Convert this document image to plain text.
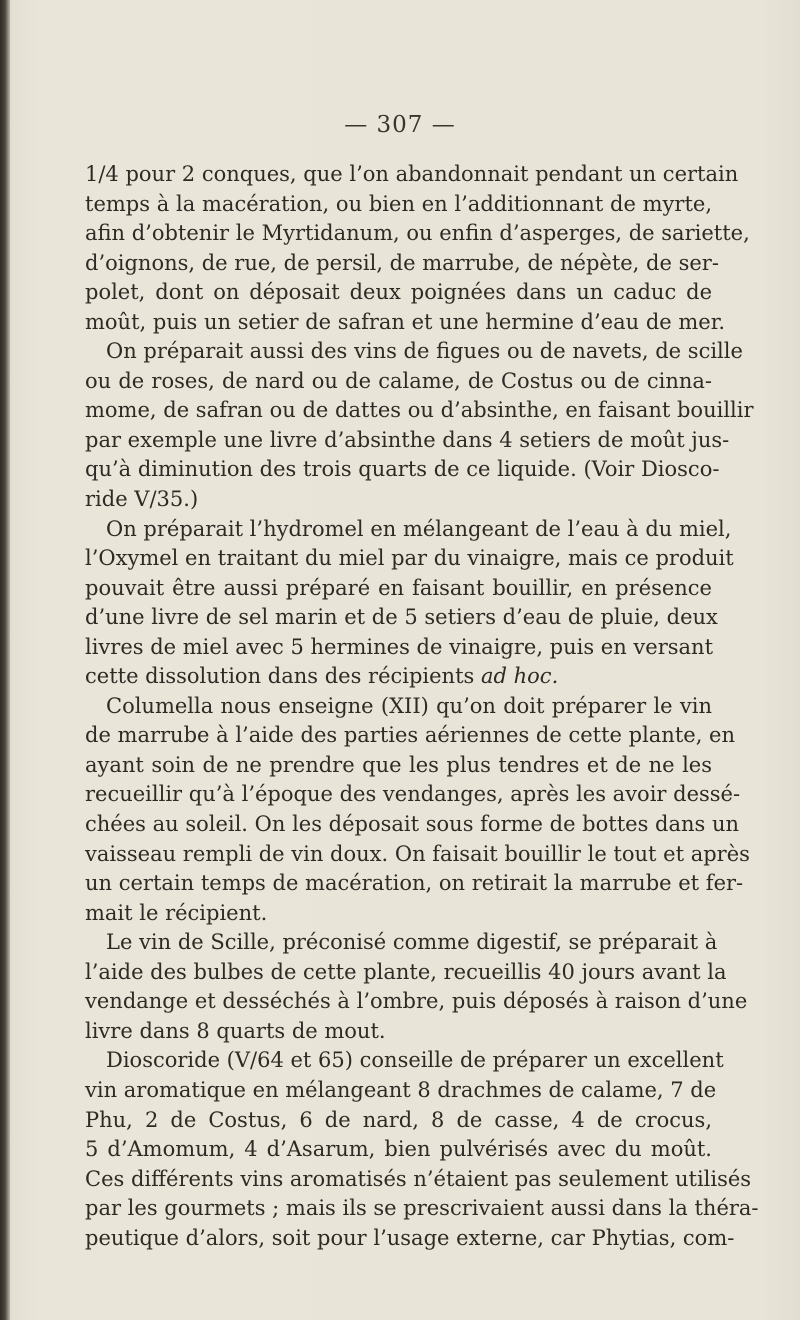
— 307 —
1/4 pour 2 conques, que l’on abandonnait pendant un certain
temps à la macération, ou bien en l’additionnant de myrte,
afin d’obtenir le Myrtidanum, ou enfin d’asperges, de sariette,
d’oignons, de rue, de persil, de marrube, de népète, de ser-
polet, dont on déposait deux poignées dans un caduc de
moût, puis un setier de safran et une hermine d’eau de mer.
On préparait aussi des vins de figues ou de navets, de scille
ou de roses, de nard ou de calame, de Costus ou de cinna-
mome, de safran ou de dattes ou d’absinthe, en faisant bouillir
par exemple une livre d’absinthe dans 4 setiers de moût jus-
qu’à diminution des trois quarts de ce liquide. (Voir Diosco-
ride V/35.)
On préparait l’hydromel en mélangeant de l’eau à du miel,
l’Oxymel en traitant du miel par du vinaigre, mais ce produit
pouvait être aussi préparé en faisant bouillir, en présence
d’une livre de sel marin et de 5 setiers d’eau de pluie, deux
livres de miel avec 5 hermines de vinaigre, puis en versant
cette dissolution dans des récipients ad hoc.
Columella nous enseigne (XII) qu’on doit préparer le vin
de marrube à l’aide des parties aériennes de cette plante, en
ayant soin de ne prendre que les plus tendres et de ne les
recueillir qu’à l’époque des vendanges, après les avoir dessé-
chées au soleil. On les déposait sous forme de bottes dans un
vaisseau rempli de vin doux. On faisait bouillir le tout et après
un certain temps de macération, on retirait la marrube et fer-
mait le récipient.
Le vin de Scille, préconisé comme digestif, se préparait à
l’aide des bulbes de cette plante, recueillis 40 jours avant la
vendange et desséchés à l’ombre, puis déposés à raison d’une
livre dans 8 quarts de mout.
Dioscoride (V/64 et 65) conseille de préparer un excellent
vin aromatique en mélangeant 8 drachmes de calame, 7 de
Phu, 2 de Costus, 6 de nard, 8 de casse, 4 de crocus,
5 d’Amomum, 4 d’Asarum, bien pulvérisés avec du moût.
Ces différents vins aromatisés n’étaient pas seulement utilisés
par les gourmets ; mais ils se prescrivaient aussi dans la théra-
peutique d’alors, soit pour l’usage externe, car Phytias, com-
